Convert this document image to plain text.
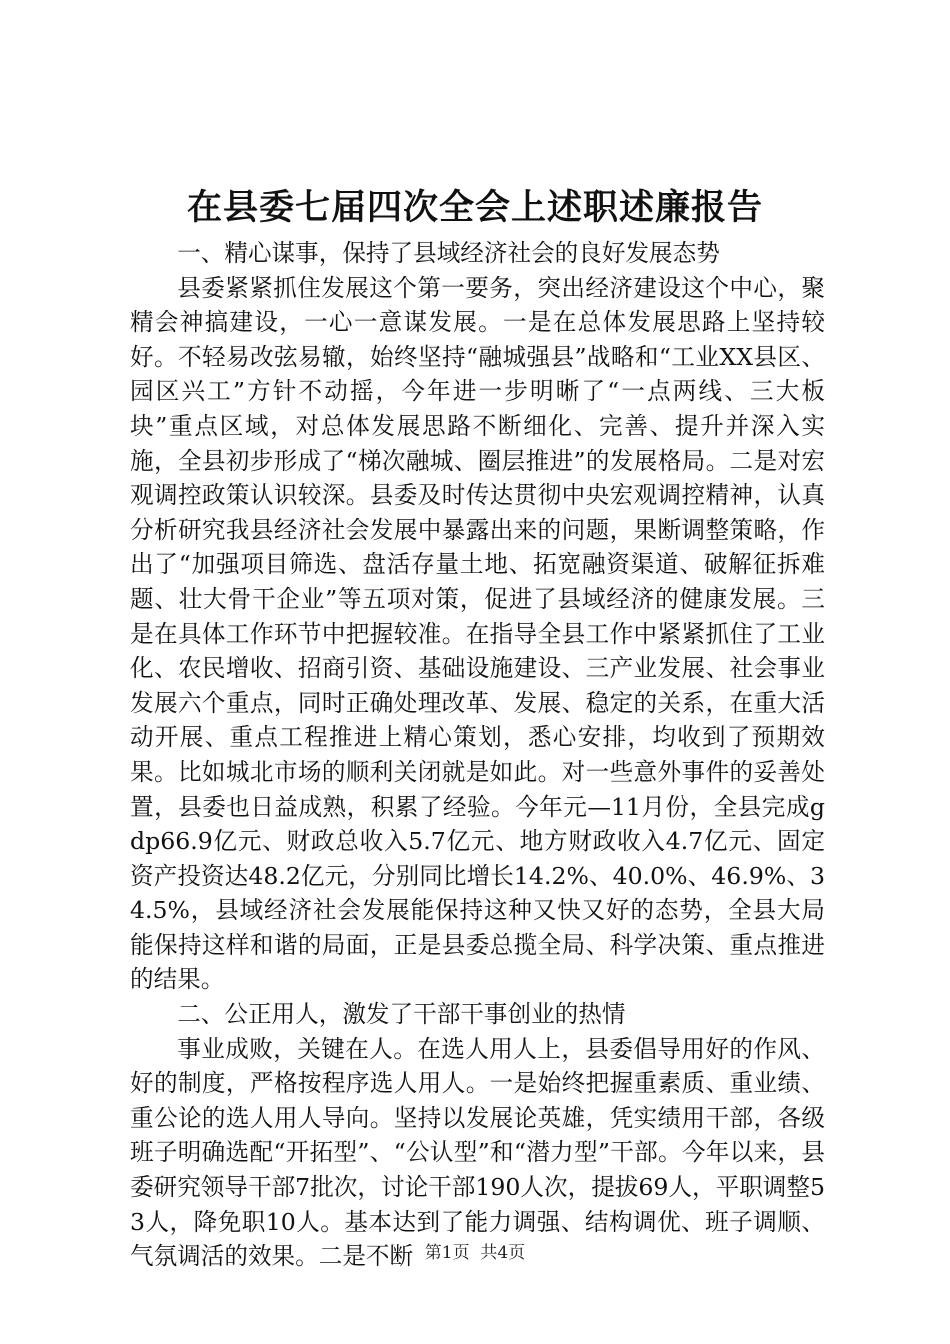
在县委七届四次全会上述职述廉报告

一、精心谋事，保持了县域经济社会的良好发展态势

县委紧紧抓住发展这个第一要务，突出经济建设这个中心，聚精会神搞建设，一心一意谋发展。一是在总体发展思路上坚持较好。不轻易改弦易辙，始终坚持“融城强县”战略和“工业XX县区、园区兴工”方针不动摇，今年进一步明晰了“一点两线、三大板块”重点区域，对总体发展思路不断细化、完善、提升并深入实施，全县初步形成了“梯次融城、圈层推进”的发展格局。二是对宏观调控政策认识较深。县委及时传达贯彻中央宏观调控精神，认真分析研究我县经济社会发展中暴露出来的问题，果断调整策略，作出了“加强项目筛选、盘活存量土地、拓宽融资渠道、破解征拆难题、壮大骨干企业”等五项对策，促进了县域经济的健康发展。三是在具体工作环节中把握较准。在指导全县工作中紧紧抓住了工业化、农民增收、招商引资、基础设施建设、三产业发展、社会事业发展六个重点，同时正确处理改革、发展、稳定的关系，在重大活动开展、重点工程推进上精心策划，悉心安排，均收到了预期效果。比如城北市场的顺利关闭就是如此。对一些意外事件的妥善处置，县委也日益成熟，积累了经验。今年元—11月份，全县完成gdp66.9亿元、财政总收入5.7亿元、地方财政收入4.7亿元、固定资产投资达48.2亿元，分别同比增长14.2%、40.0%、46.9%、34.5%，县域经济社会发展能保持这种又快又好的态势，全县大局能保持这样和谐的局面，正是县委总揽全局、科学决策、重点推进的结果。

二、公正用人，激发了干部干事创业的热情

事业成败，关键在人。在选人用人上，县委倡导用好的作风、好的制度，严格按程序选人用人。一是始终把握重素质、重业绩、重公论的选人用人导向。坚持以发展论英雄，凭实绩用干部，各级班子明确选配“开拓型”、“公认型”和“潜力型”干部。今年以来，县委研究领导干部7批次，讨论干部190人次，提拔69人，平职调整53人，降免职10人。基本达到了能力调强、结构调优、班子调顺、气氛调活的效果。二是不断 第1页  共4页
